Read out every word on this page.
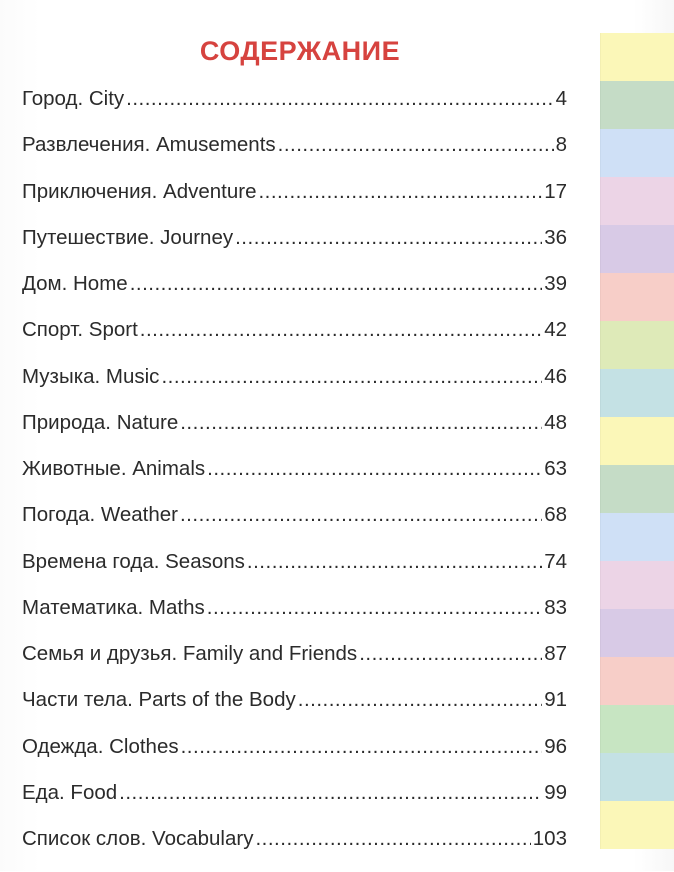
СОДЕРЖАНИЕ
Город. City .....	4
Развлечения. Amusements .....	8
Приключения. Adventure .....	17
Путешествие. Journey .....	36
Дом. Home .....	39
Спорт. Sport .....	42
Музыка. Music .....	46
Природа. Nature .....	48
Животные. Animals .....	63
Погода. Weather .....	68
Времена года. Seasons .....	74
Математика. Maths .....	83
Семья и друзья. Family and Friends .....	87
Части тела. Parts of the Body .....	91
Одежда. Clothes .....	96
Еда. Food .....	99
Список слов. Vocabulary .....	103
